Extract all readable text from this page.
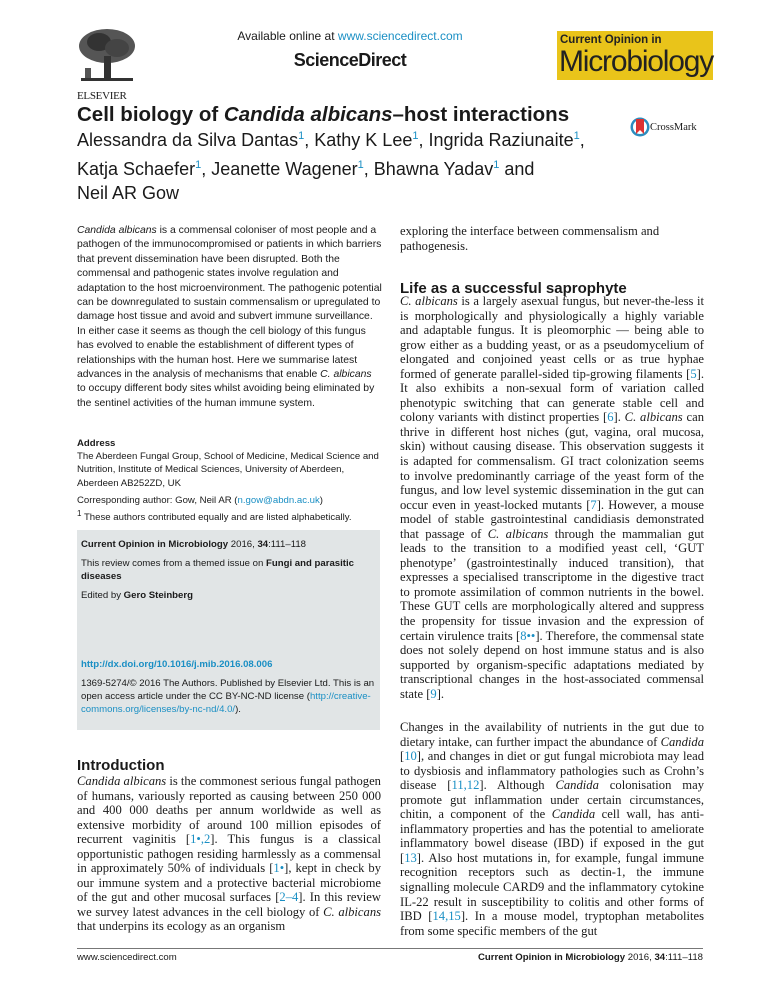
ELSEVIER
Available online at www.sciencedirect.com
ScienceDirect
Current Opinion in
Microbiology
Cell biology of Candida albicans–host interactions
Alessandra da Silva Dantas$^1$, Kathy K Lee$^1$, Ingrida Raziunaite$^1$,
Katja Schaefer$^1$, Jeanette Wagener$^1$, Bhawna Yadav$^1$ and
Neil AR Gow
CrossMark
Candida albicans is a commensal coloniser of most people and a pathogen of the immunocompromised or patients in which barriers that prevent dissemination have been disrupted. Both the commensal and pathogenic states involve regulation and adaptation to the host microenvironment. The pathogenic potential can be downregulated to sustain commensalism or upregulated to damage host tissue and avoid and subvert immune surveillance. In either case it seems as though the cell biology of this fungus has evolved to enable the establishment of different types of relationships with the human host. Here we summarise latest advances in the analysis of mechanisms that enable C. albicans to occupy different body sites whilst avoiding being eliminated by the sentinel activities of the human immune system.
Address
The Aberdeen Fungal Group, School of Medicine, Medical Science and Nutrition, Institute of Medical Sciences, University of Aberdeen, Aberdeen AB252ZD, UK
Corresponding author: Gow, Neil AR (n.gow@abdn.ac.uk)
$^1$ These authors contributed equally and are listed alphabetically.

Current Opinion in Microbiology 2016, 34:111–118

This review comes from a themed issue on Fungi and parasitic diseases

Edited by Gero Steinberg

http://dx.doi.org/10.1016/j.mib.2016.08.006

1369-5274/© 2016 The Authors. Published by Elsevier Ltd. This is an open access article under the CC BY-NC-ND license (http://creative-commons.org/licenses/by-nc-nd/4.0/).

Introduction
Candida albicans is the commonest serious fungal pathogen of humans, variously reported as causing between 250 000 and 400 000 deaths per annum worldwide as well as extensive morbidity of around 100 million episodes of recurrent vaginitis [1•,2]. This fungus is a classical opportunistic pathogen residing harmlessly as a commensal in approximately 50% of individuals [1•], kept in check by our immune system and a protective bacterial microbiome of the gut and other mucosal surfaces [2–4]. In this review we survey latest advances in the cell biology of C. albicans that underpins its ecology as an organism
exploring the interface between commensalism and pathogenesis.
Life as a successful saprophyte
C. albicans is a largely asexual fungus, but never-the-less it is morphologically and physiologically a highly variable and adaptable fungus. It is pleomorphic — being able to grow either as a budding yeast, or as a pseudomycelium of elongated and conjoined yeast cells or as true hyphae formed of generate parallel-sided tip-growing filaments [5]. It also exhibits a non-sexual form of variation called phenotypic switching that can generate stable cell and colony variants with distinct properties [6]. C. albicans can thrive in different host niches (gut, vagina, oral mucosa, skin) without causing disease. This observation suggests it is adapted for commensalism. GI tract colonization seems to involve predominantly carriage of the yeast form of the fungus, and low level systemic dissemination in the gut can occur even in yeast-locked mutants [7]. However, a mouse model of stable gastrointestinal candidiasis demonstrated that passage of C. albicans through the mammalian gut leads to the transition to a modified yeast cell, ‘GUT phenotype’ (gastrointestinally induced transition), that expresses a specialised transcriptome in the digestive tract to promote assimilation of common nutrients in the bowel. These GUT cells are morphologically altered and suppress the propensity for tissue invasion and the expression of certain virulence traits [8••]. Therefore, the commensal state does not solely depend on host immune status and is also supported by organism-specific adaptations mediated by transcriptional changes in the host-associated commensal state [9].
Changes in the availability of nutrients in the gut due to dietary intake, can further impact the abundance of Candida [10], and changes in diet or gut fungal microbiota may lead to dysbiosis and inflammatory pathologies such as Crohn’s disease [11,12]. Although Candida colonisation may promote gut inflammation under certain circumstances, chitin, a component of the Candida cell wall, has anti-inflammatory properties and has the potential to ameliorate inflammatory bowel disease (IBD) if exposed in the gut [13]. Also host mutations in, for example, fungal immune recognition receptors such as dectin-1, the immune signalling molecule CARD9 and the inflammatory cytokine IL-22 result in susceptibility to colitis and other forms of IBD [14,15]. In a mouse model, tryptophan metabolites from some specific members of the gut
www.sciencedirect.com	Current Opinion in Microbiology 2016, 34:111–118
